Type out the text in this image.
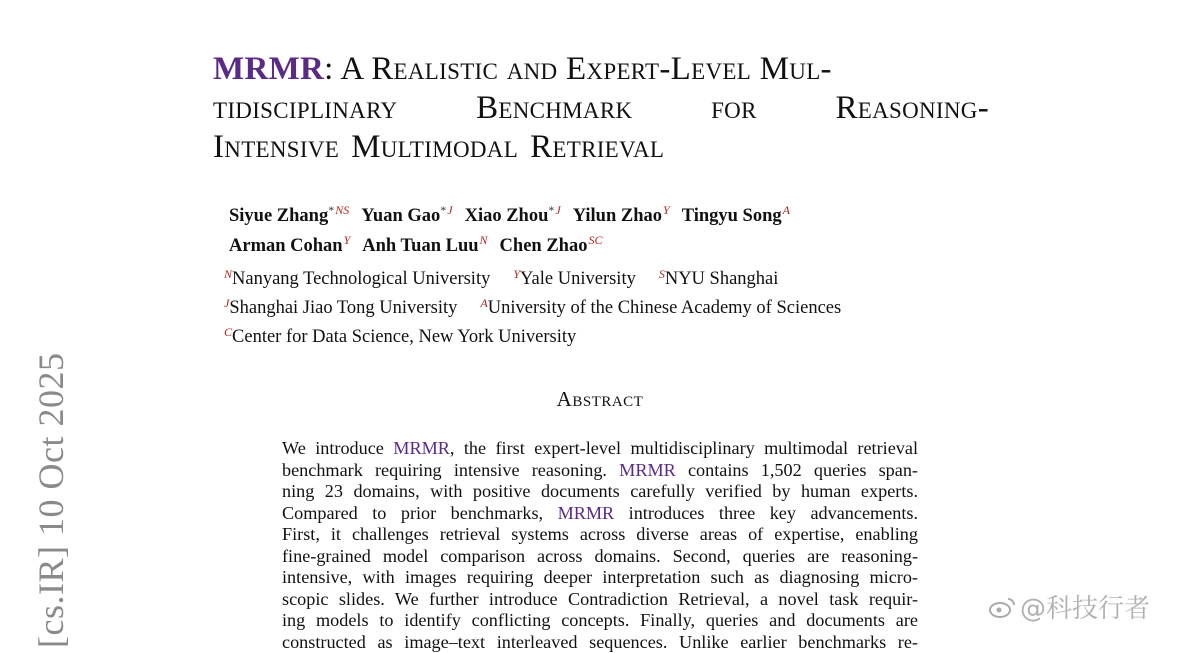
[cs.IR] 10 Oct 2025
MRMR: A Realistic and Expert-Level Mul-
tidisciplinary Benchmark for Reasoning-
Intensive Multimodal Retrieval
Siyue Zhang$^{*NS}$ Yuan Gao$^{*J}$ Xiao Zhou$^{*J}$ Yilun Zhao$^Y$ Tingyu Song$^A$
Arman Cohan$^Y$ Anh Tuan Luu$^N$ Chen Zhao$^{SC}$
$^N$Nanyang Technological University $^Y$Yale University $^S$NYU Shanghai
$^J$Shanghai Jiao Tong University $^A$University of the Chinese Academy of Sciences
$^C$Center for Data Science, New York University
Abstract
We introduce MRMR, the first expert-level multidisciplinary multimodal retrieval
benchmark requiring intensive reasoning. MRMR contains 1,502 queries span-
ning 23 domains, with positive documents carefully verified by human experts.
Compared to prior benchmarks, MRMR introduces three key advancements.
First, it challenges retrieval systems across diverse areas of expertise, enabling
fine-grained model comparison across domains. Second, queries are reasoning-
intensive, with images requiring deeper interpretation such as diagnosing micro-
scopic slides. We further introduce Contradiction Retrieval, a novel task requir-
ing models to identify conflicting concepts. Finally, queries and documents are
constructed as image–text interleaved sequences. Unlike earlier benchmarks re-
@科技行者
